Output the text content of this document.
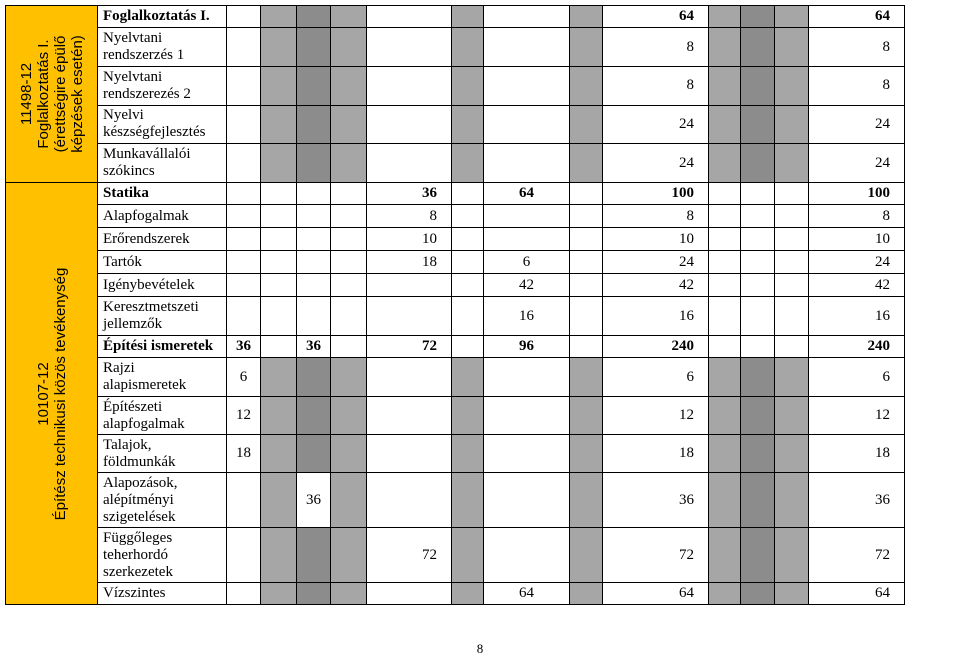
11498-12 Foglalkoztatás I. (érettségire épülő képzések esetén)	Foglalkoztatás I.									64				64
	Nyelvtani rendszerzés 1									8				8
	Nyelvtani rendszerezés 2									8				8
	Nyelvi készségfejlesztés									24				24
	Munkavállalói szókincs									24				24

10107-12 Építész technikusi közös tevékenység	Statika					36		64		100				100
	Alapfogalmak					8				8				8
	Erőrendszerek					10				10				10
	Tartók					18		6		24				24
	Igénybevételek							42		42				42
	Keresztmetszeti jellemzők							16		16				16
	Építési ismeretek	36		36		72		96		240				240
	Rajzi alapismeretek	6								6				6
	Építészeti alapfogalmak	12								12				12
	Talajok, földmunkák	18								18				18
	Alapozások, alépítményi szigetelések			36						36				36
	Függőleges teherhordó szerkezetek					72				72				72
	Vízszintes							64		64				64
8
